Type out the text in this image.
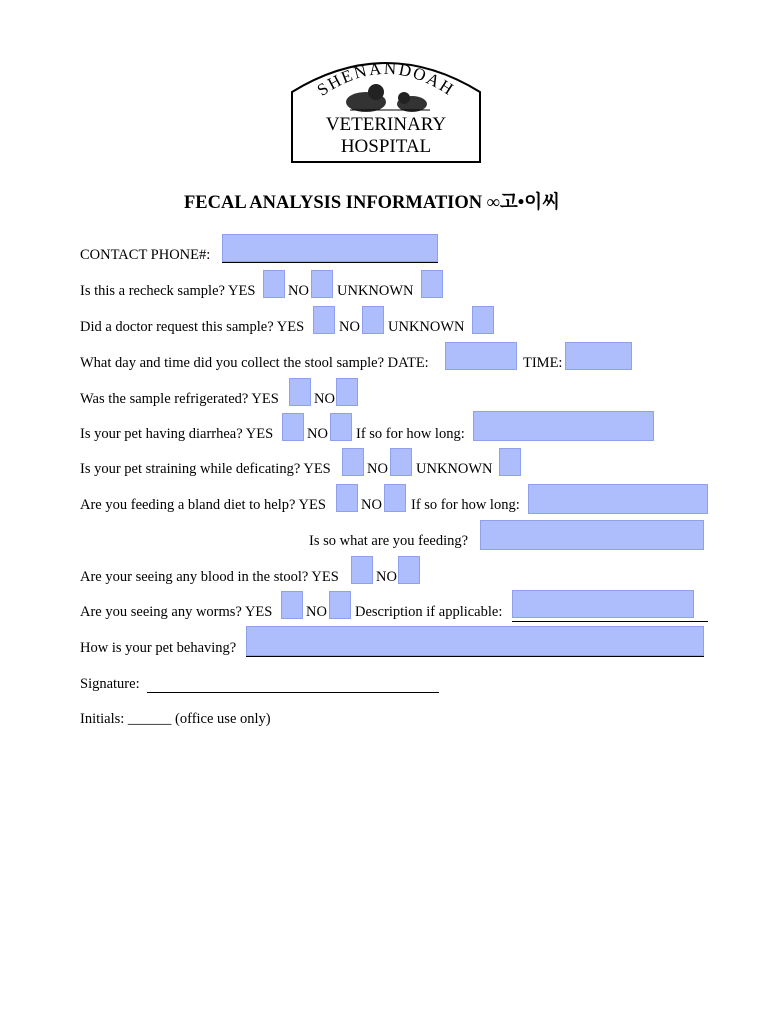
SHENANDOAH
VETERINARY
HOSPITAL
FECAL ANALYSIS INFORMATION ∞고•이씨
CONTACT PHONE#:
Is this a recheck sample? YES NO UNKNOWN
Did a doctor request this sample? YES NO UNKNOWN
What day and time did you collect the stool sample? DATE:	TIME:
Was the sample refrigerated? YES NO
Is your pet having diarrhea? YES NO If so for how long:
Is your pet straining while deficating? YES	NO UNKNOWN
Are you feeding a bland diet to help? YES NO If so for how long:
Is so what are you feeding?
Are your seeing any blood in the stool? YES	NO
Are you seeing any worms? YES NO Description if applicable:
How is your pet behaving?
Signature:
Initials: ______ (office use only)
